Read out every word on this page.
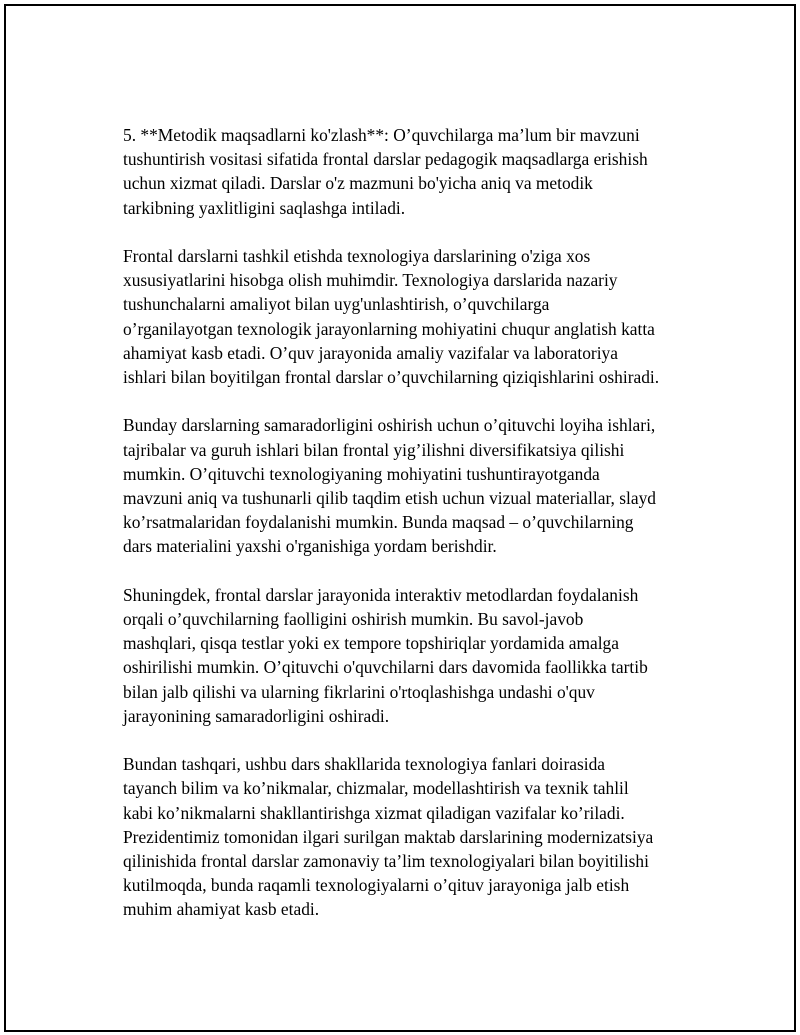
5. **Metodik maqsadlarni ko'zlash**: O’quvchilarga ma’lum bir mavzuni
tushuntirish vositasi sifatida frontal darslar pedagogik maqsadlarga erishish
uchun xizmat qiladi. Darslar o'z mazmuni bo'yicha aniq va metodik
tarkibning yaxlitligini saqlashga intiladi.

Frontal darslarni tashkil etishda texnologiya darslarining o'ziga xos
xususiyatlarini hisobga olish muhimdir. Texnologiya darslarida nazariy
tushunchalarni amaliyot bilan uyg'unlashtirish, o’quvchilarga
o’rganilayotgan texnologik jarayonlarning mohiyatini chuqur anglatish katta
ahamiyat kasb etadi. O’quv jarayonida amaliy vazifalar va laboratoriya
ishlari bilan boyitilgan frontal darslar o’quvchilarning qiziqishlarini oshiradi.

Bunday darslarning samaradorligini oshirish uchun o’qituvchi loyiha ishlari,
tajribalar va guruh ishlari bilan frontal yig’ilishni diversifikatsiya qilishi
mumkin. O’qituvchi texnologiyaning mohiyatini tushuntirayotganda
mavzuni aniq va tushunarli qilib taqdim etish uchun vizual materiallar, slayd
ko’rsatmalaridan foydalanishi mumkin. Bunda maqsad – o’quvchilarning
dars materialini yaxshi o'rganishiga yordam berishdir.

Shuningdek, frontal darslar jarayonida interaktiv metodlardan foydalanish
orqali o’quvchilarning faolligini oshirish mumkin. Bu savol-javob
mashqlari, qisqa testlar yoki ex tempore topshiriqlar yordamida amalga
oshirilishi mumkin. O’qituvchi o'quvchilarni dars davomida faollikka tartib
bilan jalb qilishi va ularning fikrlarini o'rtoqlashishga undashi o'quv
jarayonining samaradorligini oshiradi.

Bundan tashqari, ushbu dars shakllarida texnologiya fanlari doirasida
tayanch bilim va ko’nikmalar, chizmalar, modellashtirish va texnik tahlil
kabi ko’nikmalarni shakllantirishga xizmat qiladigan vazifalar ko’riladi.
Prezidentimiz tomonidan ilgari surilgan maktab darslarining modernizatsiya
qilinishida frontal darslar zamonaviy ta’lim texnologiyalari bilan boyitilishi
kutilmoqda, bunda raqamli texnologiyalarni o’qituv jarayoniga jalb etish
muhim ahamiyat kasb etadi.
